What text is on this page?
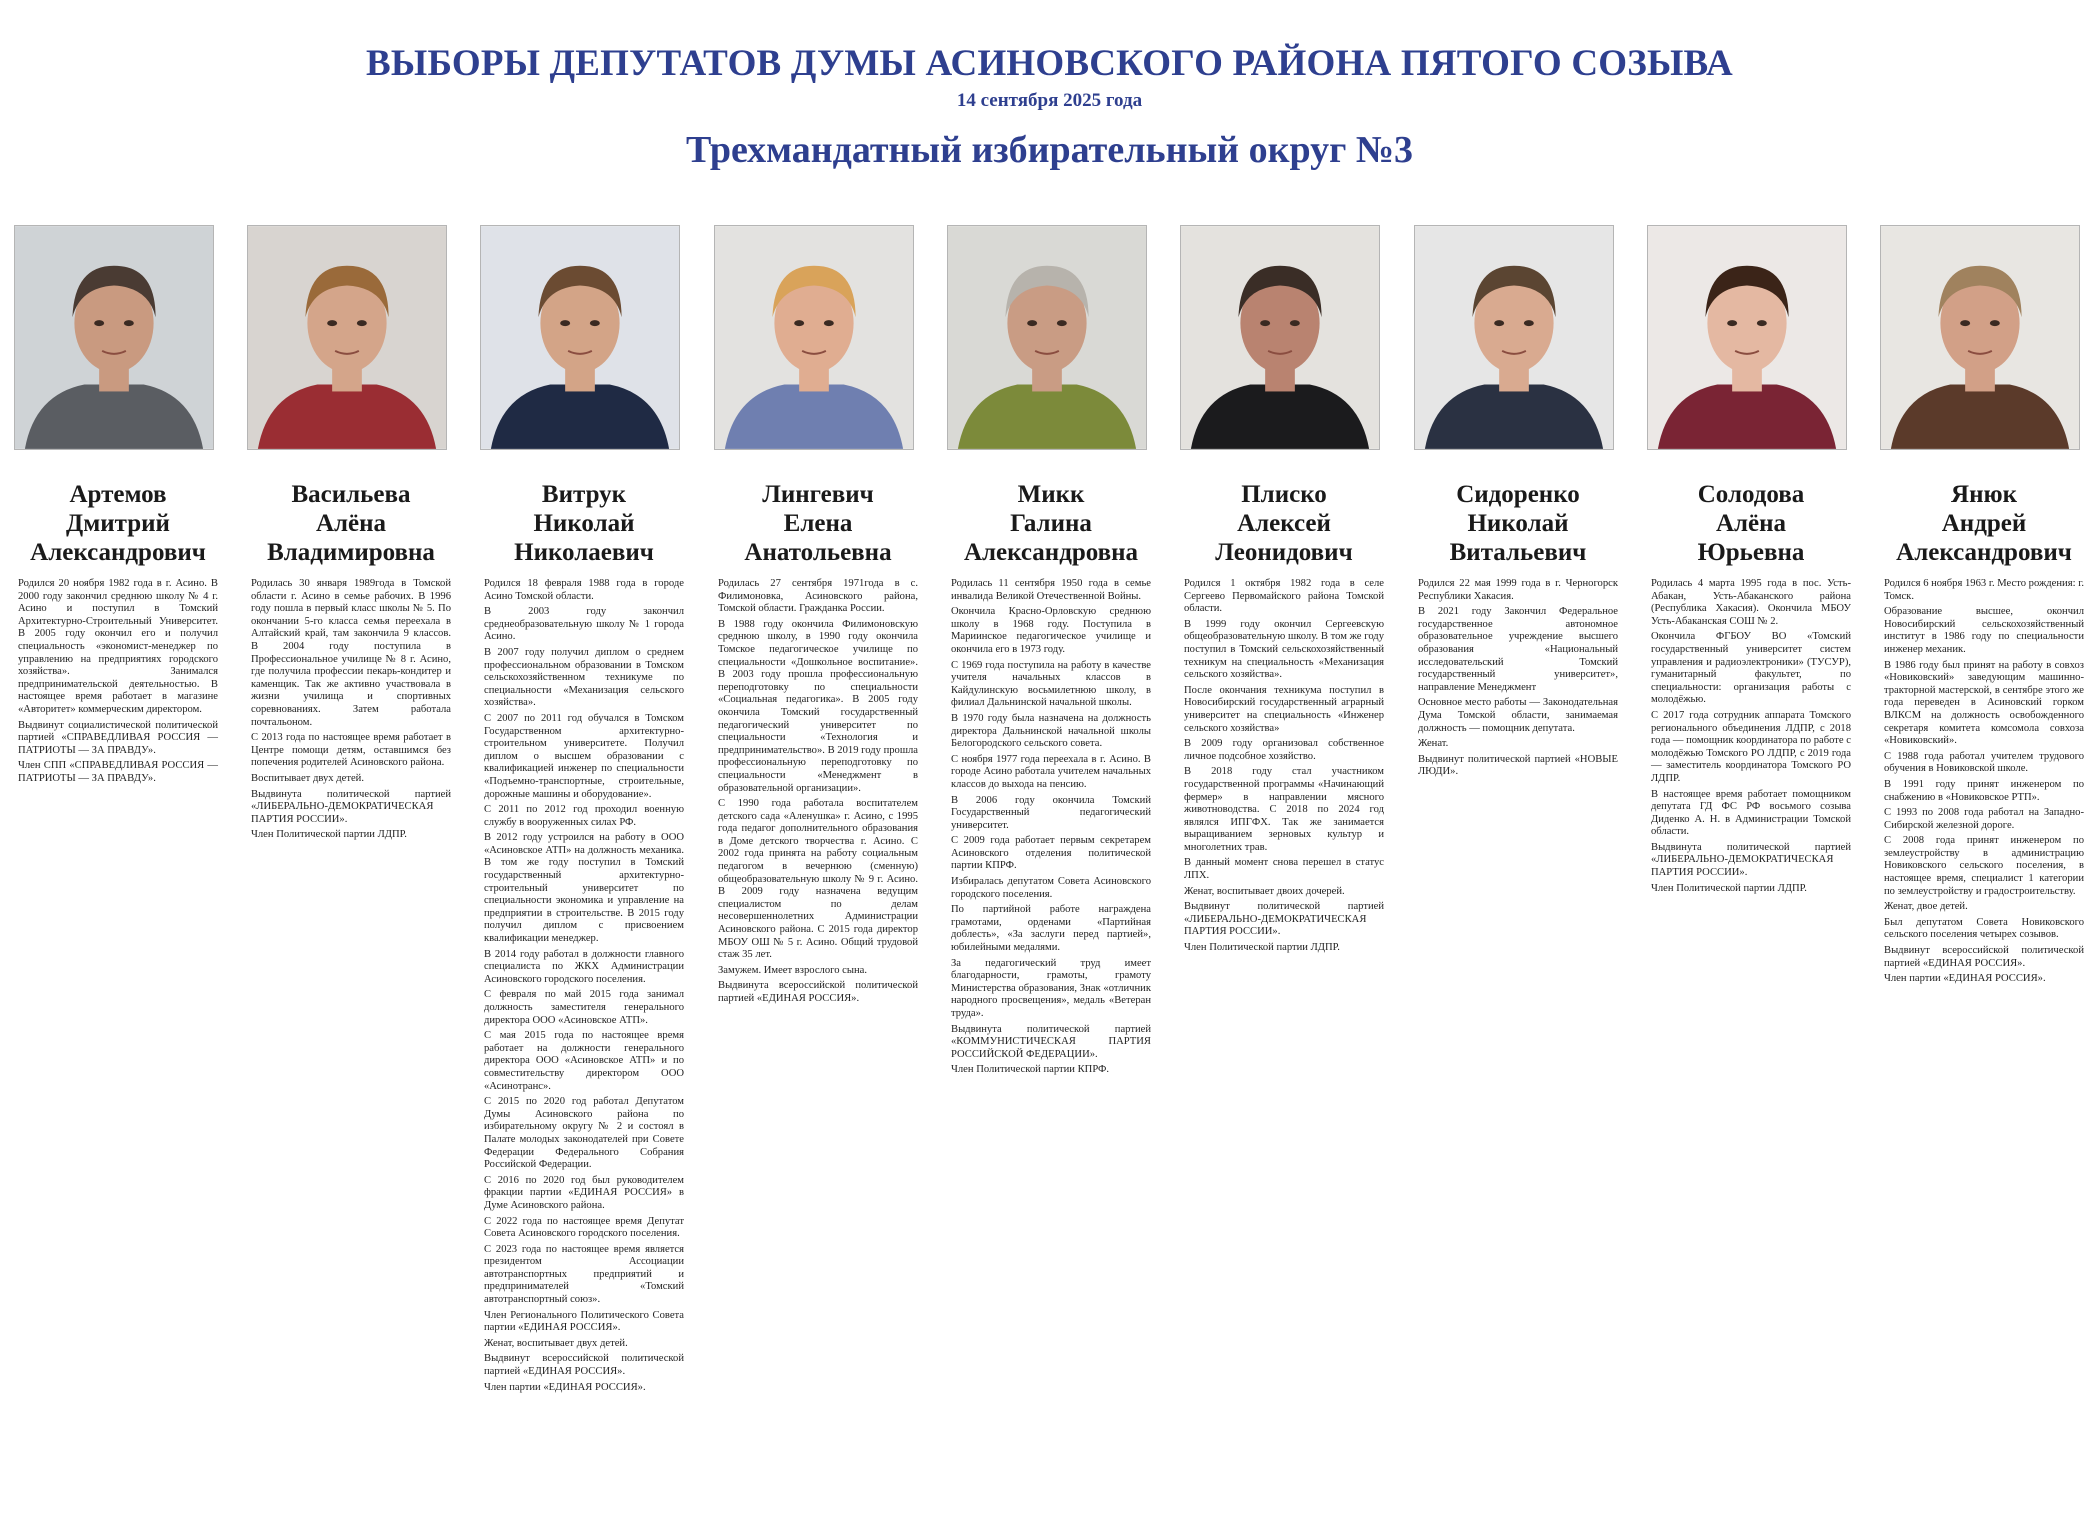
ВЫБОРЫ ДЕПУТАТОВ ДУМЫ АСИНОВСКОГО РАЙОНА ПЯТОГО СОЗЫВА
14 сентября 2025 года
Трехмандатный избирательный округ №3
Артемов
Дмитрий
Александрович

Родился 20 ноября 1982 года в г. Асино. В 2000 году закончил среднюю школу № 4 г. Асино и поступил в Томский Архитектурно-Строительный Университет. В 2005 году окончил его и получил специальность «экономист-менеджер по управлению на предприятиях городского хозяйства». Занимался предпринимательской деятельностью. В настоящее время работает в магазине «Авторитет» коммерческим директором.

Выдвинут социалистической политической партией «СПРАВЕДЛИВАЯ РОССИЯ — ПАТРИОТЫ — ЗА ПРАВДУ».

Член СПП «СПРАВЕДЛИВАЯ РОССИЯ — ПАТРИОТЫ — ЗА ПРАВДУ».

Васильева
Алёна
Владимировна

Родилась 30 января 1989года в Томской области г. Асино в семье рабочих. В 1996 году пошла в первый класс школы № 5. По окончании 5-го класса семья переехала в Алтайский край, там закончила 9 классов. В 2004 году поступила в Профессиональное училище № 8 г. Асино, где получила профессии пекарь-кондитер и каменщик. Так же активно участвовала в жизни училища и спортивных соревнованиях. Затем работала почтальоном.

С 2013 года по настоящее время работает в Центре помощи детям, оставшимся без попечения родителей Асиновского района.

Воспитывает двух детей.

Выдвинута политической партией «ЛИБЕРАЛЬНО-ДЕМОКРАТИЧЕСКАЯ ПАРТИЯ РОССИИ».

Член Политической партии ЛДПР.

Витрук
Николай
Николаевич

Родился 18 февраля 1988 года в городе Асино Томской области.

В 2003 году закончил среднеобразовательную школу № 1 города Асино.

В 2007 году получил диплом о среднем профессиональном образовании в Томском сельскохозяйственном техникуме по специальности «Механизация сельского хозяйства».

С 2007 по 2011 год обучался в Томском Государственном архитектурно-строительном университете. Получил диплом о высшем образовании с квалификацией инженер по специальности «Подъемно-транспортные, строительные, дорожные машины и оборудование».

С 2011 по 2012 год проходил военную службу в вооруженных силах РФ.

В 2012 году устроился на работу в ООО «Асиновское АТП» на должность механика. В том же году поступил в Томский государственный архитектурно-строительный университет по специальности экономика и управление на предприятии в строительстве. В 2015 году получил диплом с присвоением квалификации менеджер.

В 2014 году работал в должности главного специалиста по ЖКХ Администрации Асиновского городского поселения.

С февраля по май 2015 года занимал должность заместителя генерального директора ООО «Асиновское АТП».

С мая 2015 года по настоящее время работает на должности генерального директора ООО «Асиновское АТП» и по совместительству директором ООО «Асинотранс».

С 2015 по 2020 год работал Депутатом Думы Асиновского района по избирательному округу № 2 и состоял в Палате молодых законодателей при Совете Федерации Федерального Собрания Российской Федерации.

С 2016 по 2020 год был руководителем фракции партии «ЕДИНАЯ РОССИЯ» в Думе Асиновского района.

С 2022 года по настоящее время Депутат Совета Асиновского городского поселения.

С 2023 года по настоящее время является президентом Ассоциации автотранспортных предприятий и предпринимателей «Томский автотранспортный союз».

Член Регионального Политического Совета партии «ЕДИНАЯ РОССИЯ».

Женат, воспитывает двух детей.

Выдвинут всероссийской политической партией «ЕДИНАЯ РОССИЯ».

Член партии «ЕДИНАЯ РОССИЯ».

Лингевич
Елена
Анатольевна

Родилась 27 сентября 1971года в с. Филимоновка, Асиновского района, Томской области. Гражданка России.

В 1988 году окончила Филимоновскую среднюю школу, в 1990 году окончила Томское педагогическое училище по специальности «Дошкольное воспитание». В 2003 году прошла профессиональную переподготовку по специальности «Социальная педагогика». В 2005 году окончила Томский государственный педагогический университет по специальности «Технология и предпринимательство». В 2019 году прошла профессиональную переподготовку по специальности «Менеджмент в образовательной организации».

С 1990 года работала воспитателем детского сада «Аленушка» г. Асино, с 1995 года педагог дополнительного образования в Доме детского творчества г. Асино. С 2002 года принята на работу социальным педагогом в вечернюю (сменную) общеобразовательную школу № 9 г. Асино. В 2009 году назначена ведущим специалистом по делам несовершеннолетних Администрации Асиновского района. С 2015 года директор МБОУ ОШ № 5 г. Асино. Общий трудовой стаж 35 лет.

Замужем. Имеет взрослого сына.

Выдвинута всероссийской политической партией «ЕДИНАЯ РОССИЯ».

Микк
Галина
Александровна

Родилась 11 сентября 1950 года в семье инвалида Великой Отечественной Войны.

Окончила Красно-Орловскую среднюю школу в 1968 году. Поступила в Мариинское педагогическое училище и окончила его в 1973 году.

С 1969 года поступила на работу в качестве учителя начальных классов в Кайдулинскую восьмилетнюю школу, в филиал Дальнинской начальной школы.

В 1970 году была назначена на должность директора Дальнинской начальной школы Белогородского сельского совета.

С ноября 1977 года переехала в г. Асино. В городе Асино работала учителем начальных классов до выхода на пенсию.

В 2006 году окончила Томский Государственный педагогический университет.

С 2009 года работает первым секретарем Асиновского отделения политической партии КПРФ.

Избиралась депутатом Совета Асиновского городского поселения.

По партийной работе награждена грамотами, орденами «Партийная доблесть», «За заслуги перед партией», юбилейными медалями.

За педагогический труд имеет благодарности, грамоты, грамоту Министерства образования, Знак «отличник народного просвещения», медаль «Ветеран труда».

Выдвинута политической партией «КОММУНИСТИЧЕСКАЯ ПАРТИЯ РОССИЙСКОЙ ФЕДЕРАЦИИ».

Член Политической партии КПРФ.

Плиско
Алексей
Леонидович

Родился 1 октября 1982 года в селе Сергеево Первомайского района Томской области.

В 1999 году окончил Сергеевскую общеобразовательную школу. В том же году поступил в Томский сельскохозяйственный техникум на специальность «Механизация сельского хозяйства».

После окончания техникума поступил в Новосибирский государственный аграрный университет на специальность «Инженер сельского хозяйства»

В 2009 году организовал собственное личное подсобное хозяйство.

В 2018 году стал участником государственной программы «Начинающий фермер» в направлении мясного животноводства. С 2018 по 2024 год являлся ИПГФХ. Так же занимается выращиванием зерновых культур и многолетних трав.

В данный момент снова перешел в статус ЛПХ.

Женат, воспитывает двоих дочерей.

Выдвинут политической партией «ЛИБЕРАЛЬНО-ДЕМОКРАТИЧЕСКАЯ ПАРТИЯ РОССИИ».

Член Политической партии ЛДПР.

Сидоренко
Николай
Витальевич

Родился 22 мая 1999 года в г. Черногорск Республики Хакасия.

В 2021 году Закончил Федеральное государственное автономное образовательное учреждение высшего образования «Национальный исследовательский Томский государственный университет», направление Менеджмент

Основное место работы — Законодательная Дума Томской области, занимаемая должность — помощник депутата.

Женат.

Выдвинут политической партией «НОВЫЕ ЛЮДИ».

Солодова
Алёна
Юрьевна

Родилась 4 марта 1995 года в пос. Усть-Абакан, Усть-Абаканского района (Республика Хакасия). Окончила МБОУ Усть-Абаканская СОШ № 2.

Окончила ФГБОУ ВО «Томский государственный университет систем управления и радиоэлектроники» (ТУСУР), гуманитарный факультет, по специальности: организация работы с молодёжью.

С 2017 года сотрудник аппарата Томского регионального объединения ЛДПР, с 2018 года — помощник координатора по работе с молодёжью Томского РО ЛДПР, с 2019 года — заместитель координатора Томского РО ЛДПР.

В настоящее время работает помощником депутата ГД ФС РФ восьмого созыва Диденко А. Н. в Администрации Томской области.

Выдвинута политической партией «ЛИБЕРАЛЬНО-ДЕМОКРАТИЧЕСКАЯ ПАРТИЯ РОССИИ».

Член Политической партии ЛДПР.

Янюк
Андрей
Александрович

Родился 6 ноября 1963 г. Место рождения: г. Томск.

Образование высшее, окончил Новосибирский сельскохозяйственный институт в 1986 году по специальности инженер механик.

В 1986 году был принят на работу в совхоз «Новиковский» заведующим машинно-тракторной мастерской, в сентябре этого же года переведен в Асиновский горком ВЛКСМ на должность освобожденного секретаря комитета комсомола совхоза «Новиковский».

С 1988 года работал учителем трудового обучения в Новиковской школе.

В 1991 году принят инженером по снабжению в «Новиковское РТП».

С 1993 по 2008 года работал на Западно-Сибирской железной дороге.

С 2008 года принят инженером по землеустройству в администрацию Новиковского сельского поселения, в настоящее время, специалист 1 категории по землеустройству и градостроительству.

Женат, двое детей.

Был депутатом Совета Новиковского сельского поселения четырех созывов.

Выдвинут всероссийской политической партией «ЕДИНАЯ РОССИЯ».

Член партии «ЕДИНАЯ РОССИЯ».
